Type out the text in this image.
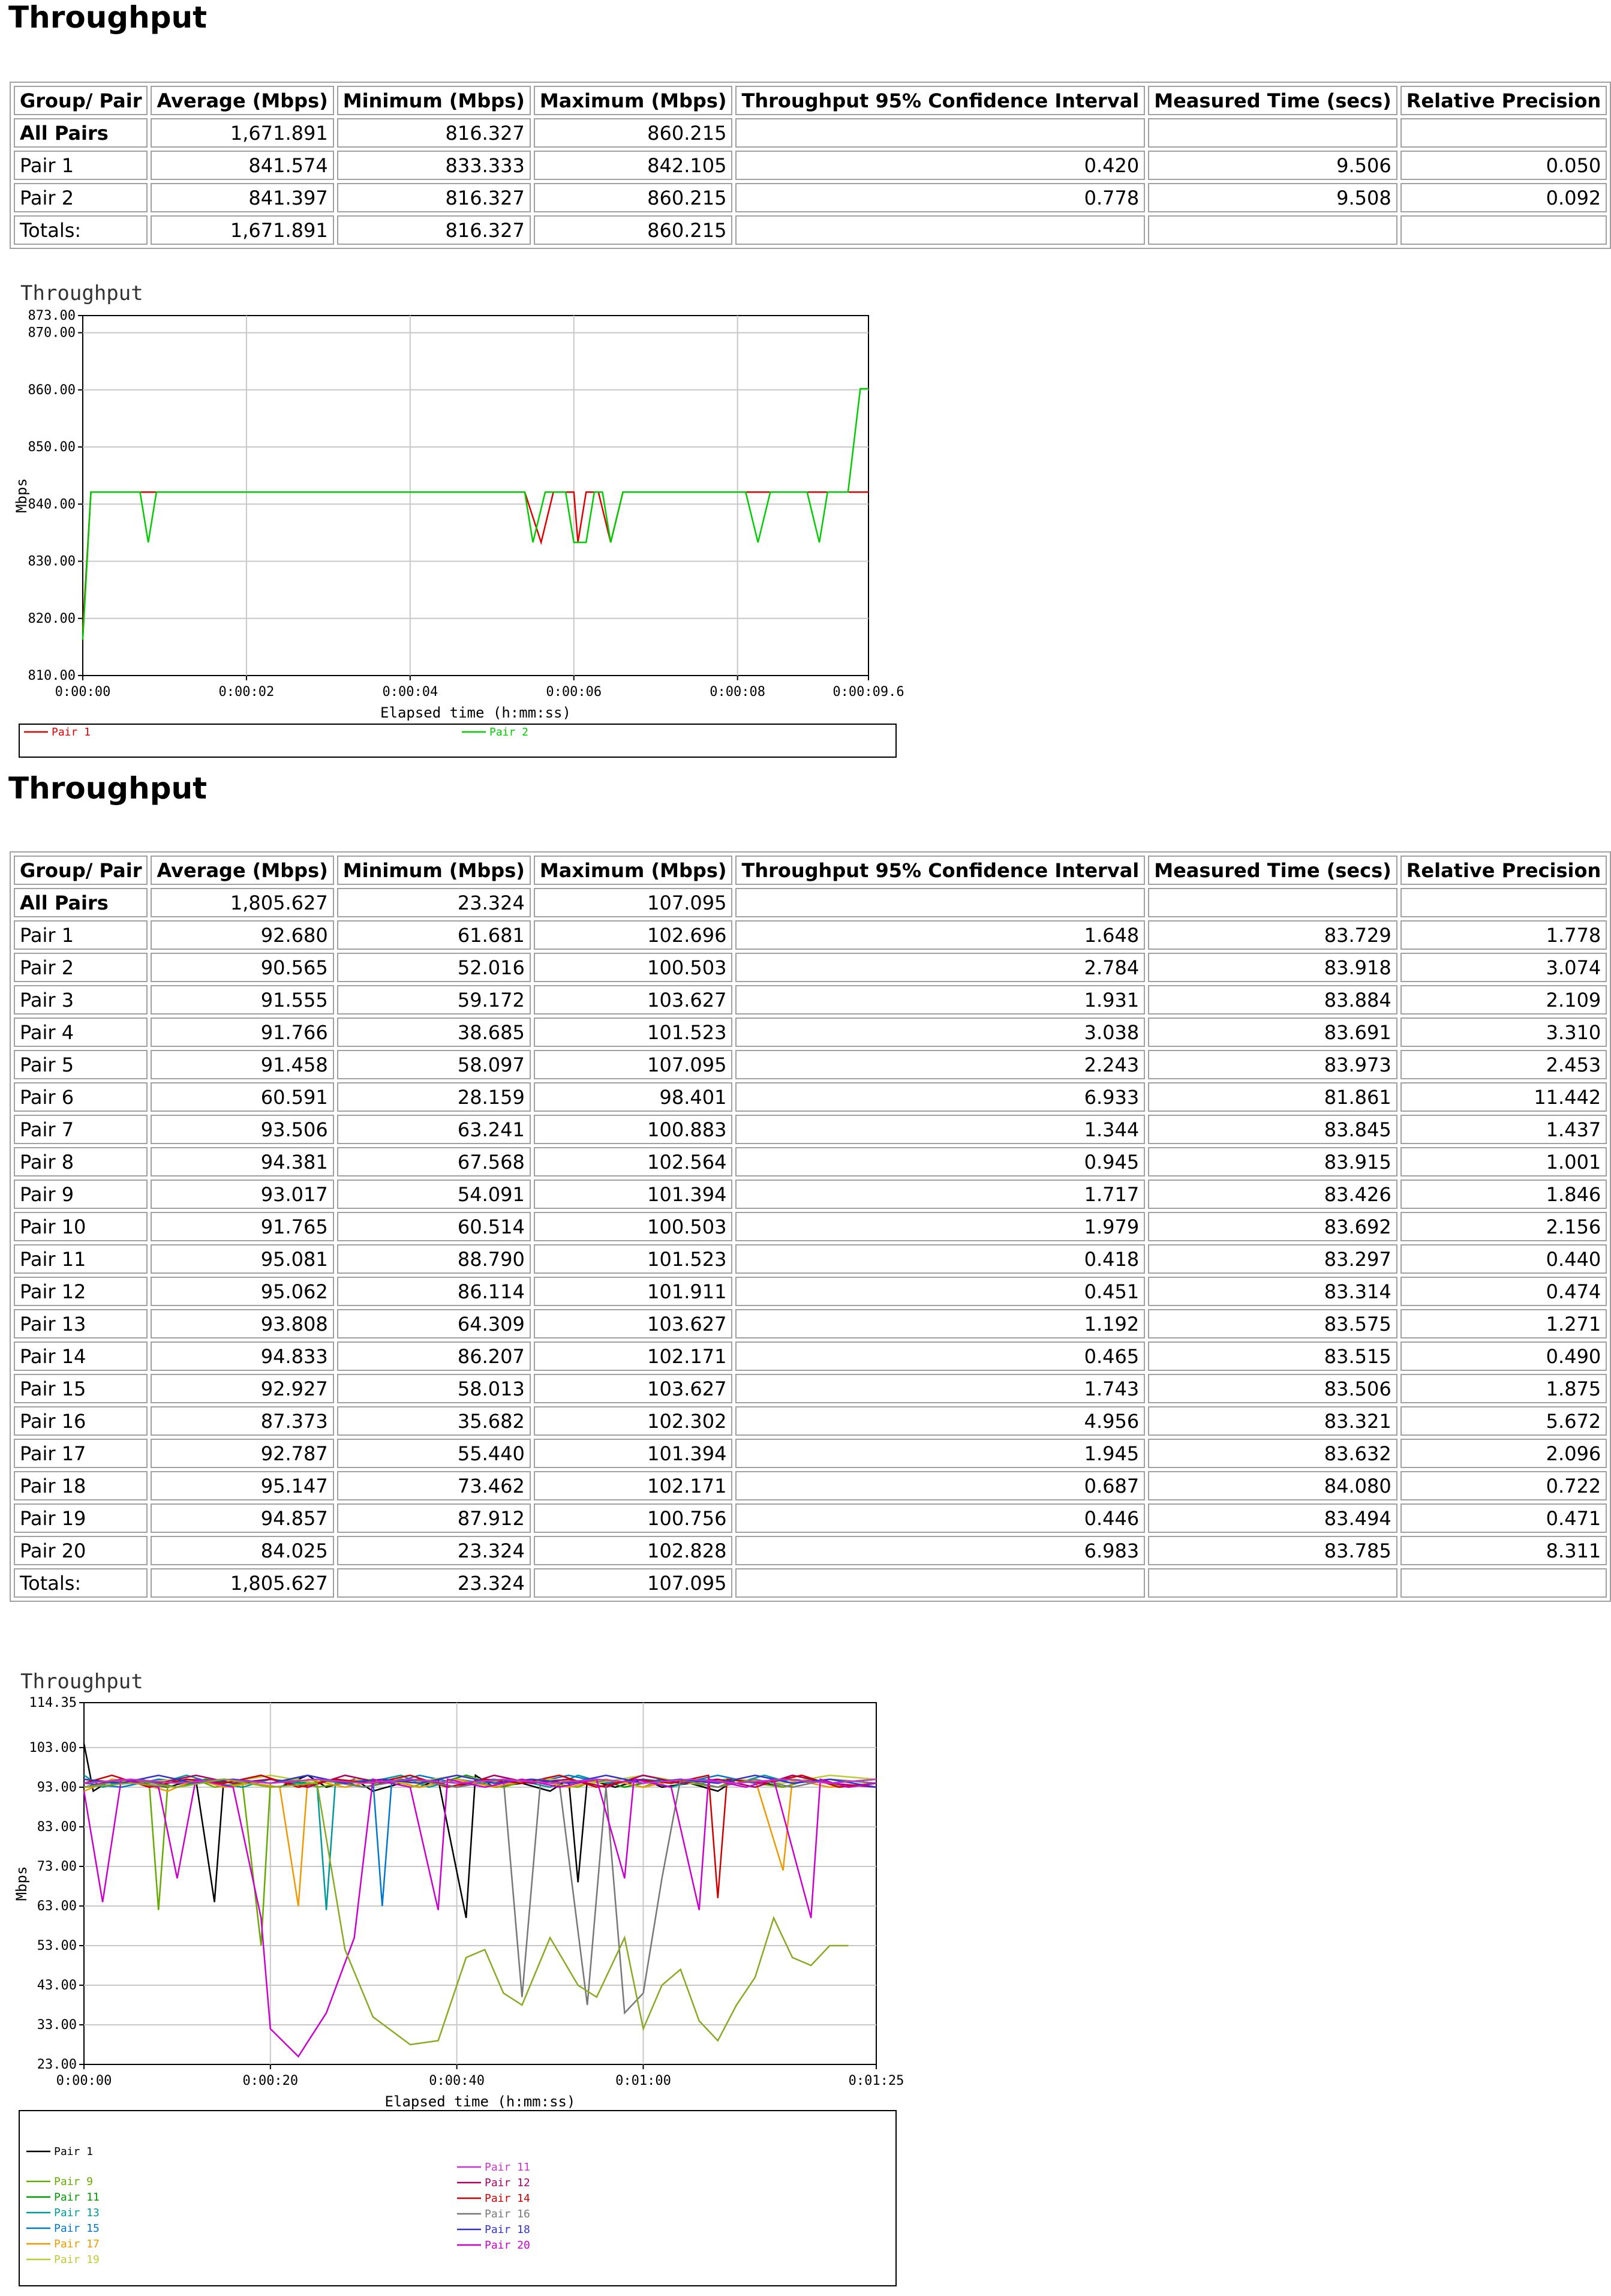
Throughput
Group/ Pair	Average (Mbps)	Minimum (Mbps)	Maximum (Mbps)	Throughput 95% Confidence Interval	Measured Time (secs)	Relative Precision
All Pairs	1,671.891	816.327	860.215			
Pair 1	841.574	833.333	842.105	0.420	9.506	0.050
Pair 2	841.397	816.327	860.215	0.778	9.508	0.092
Totals:	1,671.891	816.327	860.215			
Throughput
0:00:00	0:00:02	0:00:04	0:00:06	0:00:08	0:00:09.6
810.00
820.00
830.00
840.00
850.00
860.00
870.00
873.00
Elapsed time (h:mm:ss)
Mbps
Pair 1	Pair 2
Throughput
Group/ Pair	Average (Mbps)	Minimum (Mbps)	Maximum (Mbps)	Throughput 95% Confidence Interval	Measured Time (secs)	Relative Precision
All Pairs	1,805.627	23.324	107.095			
Pair 1	92.680	61.681	102.696	1.648	83.729	1.778
Pair 2	90.565	52.016	100.503	2.784	83.918	3.074
Pair 3	91.555	59.172	103.627	1.931	83.884	2.109
Pair 4	91.766	38.685	101.523	3.038	83.691	3.310
Pair 5	91.458	58.097	107.095	2.243	83.973	2.453
Pair 6	60.591	28.159	98.401	6.933	81.861	11.442
Pair 7	93.506	63.241	100.883	1.344	83.845	1.437
Pair 8	94.381	67.568	102.564	0.945	83.915	1.001
Pair 9	93.017	54.091	101.394	1.717	83.426	1.846
Pair 10	91.765	60.514	100.503	1.979	83.692	2.156
Pair 11	95.081	88.790	101.523	0.418	83.297	0.440
Pair 12	95.062	86.114	101.911	0.451	83.314	0.474
Pair 13	93.808	64.309	103.627	1.192	83.575	1.271
Pair 14	94.833	86.207	102.171	0.465	83.515	0.490
Pair 15	92.927	58.013	103.627	1.743	83.506	1.875
Pair 16	87.373	35.682	102.302	4.956	83.321	5.672
Pair 17	92.787	55.440	101.394	1.945	83.632	2.096
Pair 18	95.147	73.462	102.171	0.687	84.080	0.722
Pair 19	94.857	87.912	100.756	0.446	83.494	0.471
Pair 20	84.025	23.324	102.828	6.983	83.785	8.311
Totals:	1,805.627	23.324	107.095			
Throughput
0:00:00	0:00:20	0:00:40	0:01:00	0:01:25
23.00
33.00
43.00
53.00
63.00
73.00
83.00
93.00
103.00
114.35
Elapsed time (h:mm:ss)
Mbps
Pair 1
Pair 9
Pair 11
Pair 13
Pair 15
Pair 17
Pair 19
Pair 11
Pair 12
Pair 14
Pair 16
Pair 18
Pair 20
